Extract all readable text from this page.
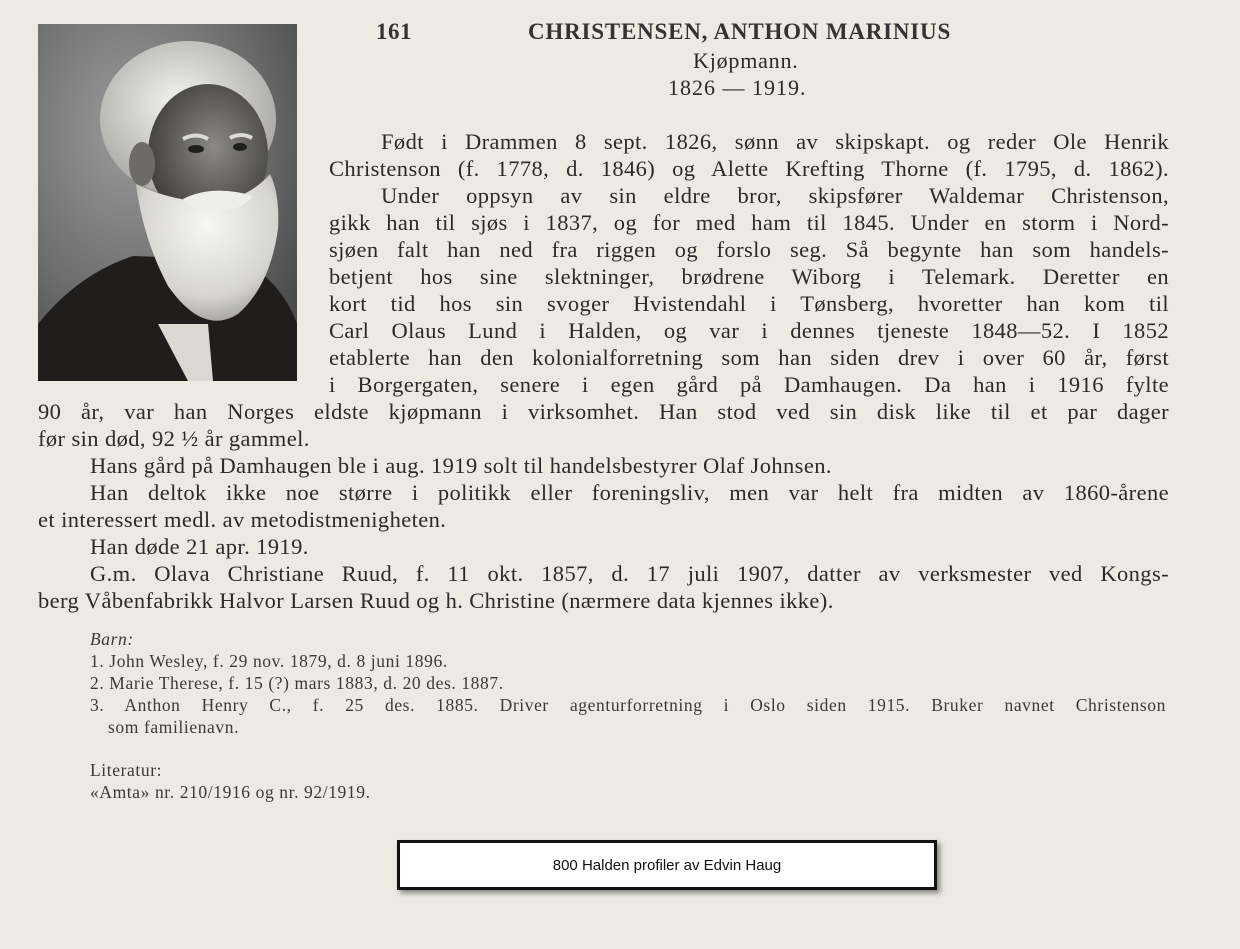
161	CHRISTENSEN, ANTHON MARINIUS
Kjøpmann.
1826 — 1919.
Født i Drammen 8 sept. 1826, sønn av skipskapt. og reder Ole Henrik
Christenson (f. 1778, d. 1846) og Alette Krefting Thorne (f. 1795, d. 1862).
Under oppsyn av sin eldre bror, skipsfører Waldemar Christenson,
gikk han til sjøs i 1837, og for med ham til 1845. Under en storm i Nord-
sjøen falt han ned fra riggen og forslo seg. Så begynte han som handels-
betjent hos sine slektninger, brødrene Wiborg i Telemark. Deretter en
kort tid hos sin svoger Hvistendahl i Tønsberg, hvoretter han kom til
Carl Olaus Lund i Halden, og var i dennes tjeneste 1848—52. I 1852
etablerte han den kolonialforretning som han siden drev i over 60 år, først
i Borgergaten, senere i egen gård på Damhaugen. Da han i 1916 fylte
90 år, var han Norges eldste kjøpmann i virksomhet. Han stod ved sin disk like til et par dager
før sin død, 92 ½ år gammel.
Hans gård på Damhaugen ble i aug. 1919 solt til handelsbestyrer Olaf Johnsen.
Han deltok ikke noe større i politikk eller foreningsliv, men var helt fra midten av 1860-årene
et interessert medl. av metodistmenigheten.
Han døde 21 apr. 1919.
G.m. Olava Christiane Ruud, f. 11 okt. 1857, d. 17 juli 1907, datter av verksmester ved Kongs-
berg Våbenfabrikk Halvor Larsen Ruud og h. Christine (nærmere data kjennes ikke).
Barn:
1. John Wesley, f. 29 nov. 1879, d. 8 juni 1896.
2. Marie Therese, f. 15 (?) mars 1883, d. 20 des. 1887.
3. Anthon Henry C., f. 25 des. 1885. Driver agenturforretning i Oslo siden 1915. Bruker navnet Christenson
som familienavn.
Literatur:
«Amta» nr. 210/1916 og nr. 92/1919.
800 Halden profiler av Edvin Haug
